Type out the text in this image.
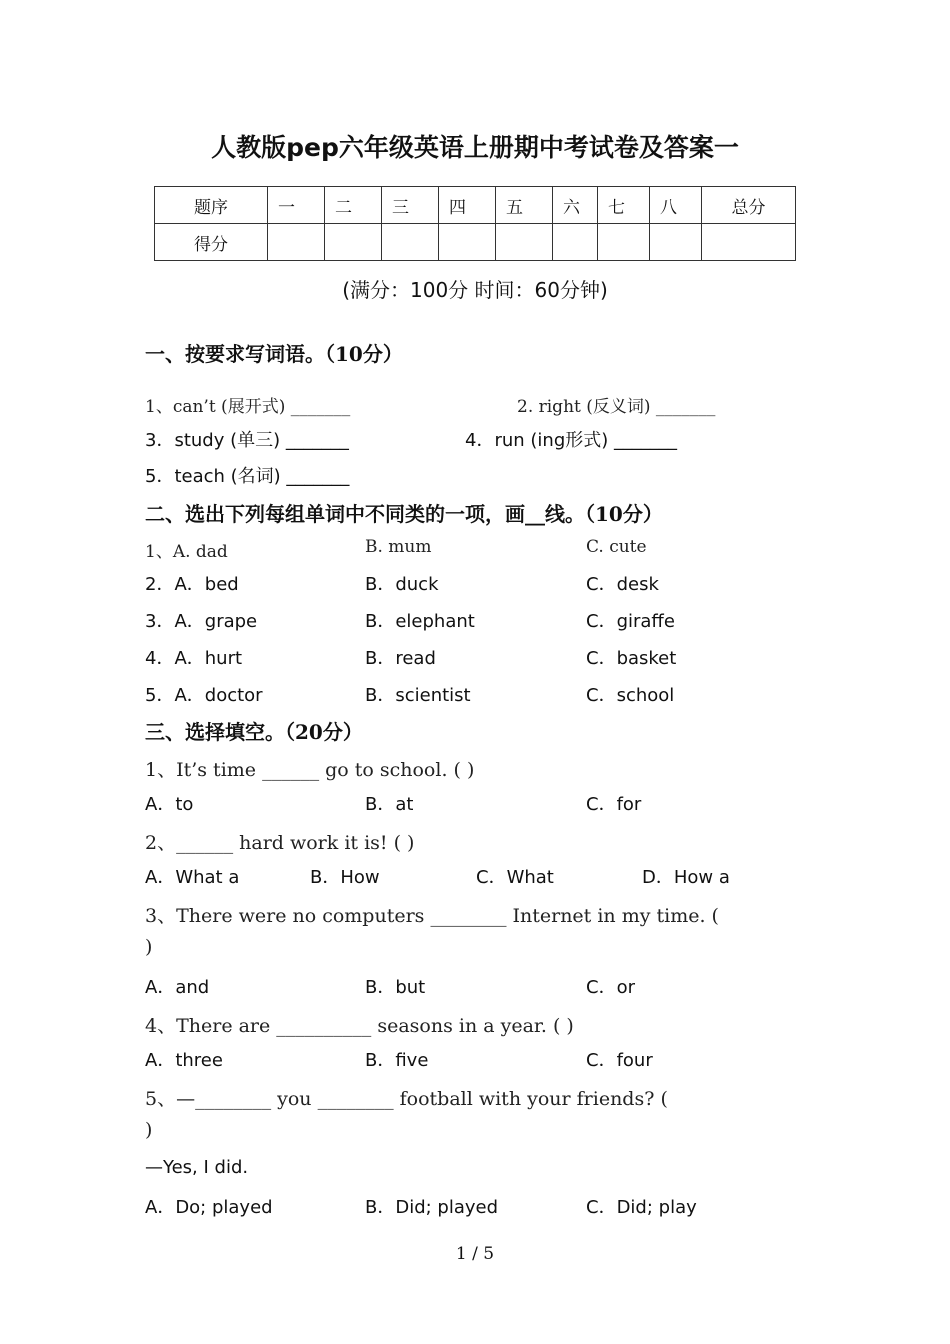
人教版pep六年级英语上册期中考试卷及答案一
题序	一	二	三	四	五	六	七	八	总分
得分									
(满分：100分 时间：60分钟)
一、按要求写词语。（10分）
1、can’t (展开式) _______	2. right (反义词) _______
3．study (单三) _______	4．run (ing形式) _______
5．teach (名词) _______
二、选出下列每组单词中不同类的一项，画__线。（10分）
1、A. dad	B. mum	C. cute
2．A．bed	B．duck	C．desk
3．A．grape	B．elephant	C．giraffe
4．A．hurt	B．read	C．basket
5．A．doctor	B．scientist	C．school
三、选择填空。（20分）
1、It’s time ______ go to school. ( )
A．to	B．at	C．for
2、______ hard work it is! ( )
A．What a	B．How	C．What	D．How a
3、There were no computers ________ Internet in my time. (
)
A．and	B．but	C．or
4、There are __________ seasons in a year. ( )
A．three	B．five	C．four
5、—________ you ________ football with your friends? (
)
—Yes, I did.
A．Do; played	B．Did; played	C．Did; play
1 / 5
